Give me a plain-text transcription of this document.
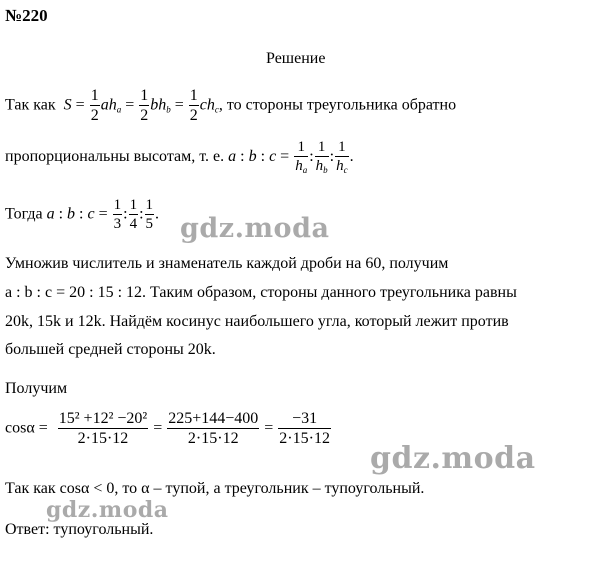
№220
Решение
Так как $S = \frac{1}{2} ah_a = \frac{1}{2} bh_b = \frac{1}{2} ch_c$, то стороны треугольника обратно
пропорциональны высотам, т. е. a : b : $c = \frac{1}{h_a}$ : $\frac{1}{h_b}$ : $\frac{1}{h_c}$ .
Тогда a : b : $c = \frac{1}{3}$ : $\frac{1}{4}$ : $\frac{1}{5}$ .
Умножив числитель и знаменатель каждой дроби на 60, получим
a : b : c = 20 : 15 : 12. Таким образом, стороны данного треугольника равны
20k, 15k и 12k. Найдём косинус наибольшего угла, который лежит против
большей средней стороны 20k.
Получим
$\cos\alpha = \frac{\text{15² +12² −20²}}{2\cdot 15\cdot 12} = \frac{225+144-400}{2\cdot 15\cdot 12} = \frac{-31}{2\cdot 15\cdot 12}$
Так как cosα < 0, то α – тупой, а треугольник – тупоугольный.
Ответ: тупоугольный.
gdz.moda
gdz.moda
gdz.moda
